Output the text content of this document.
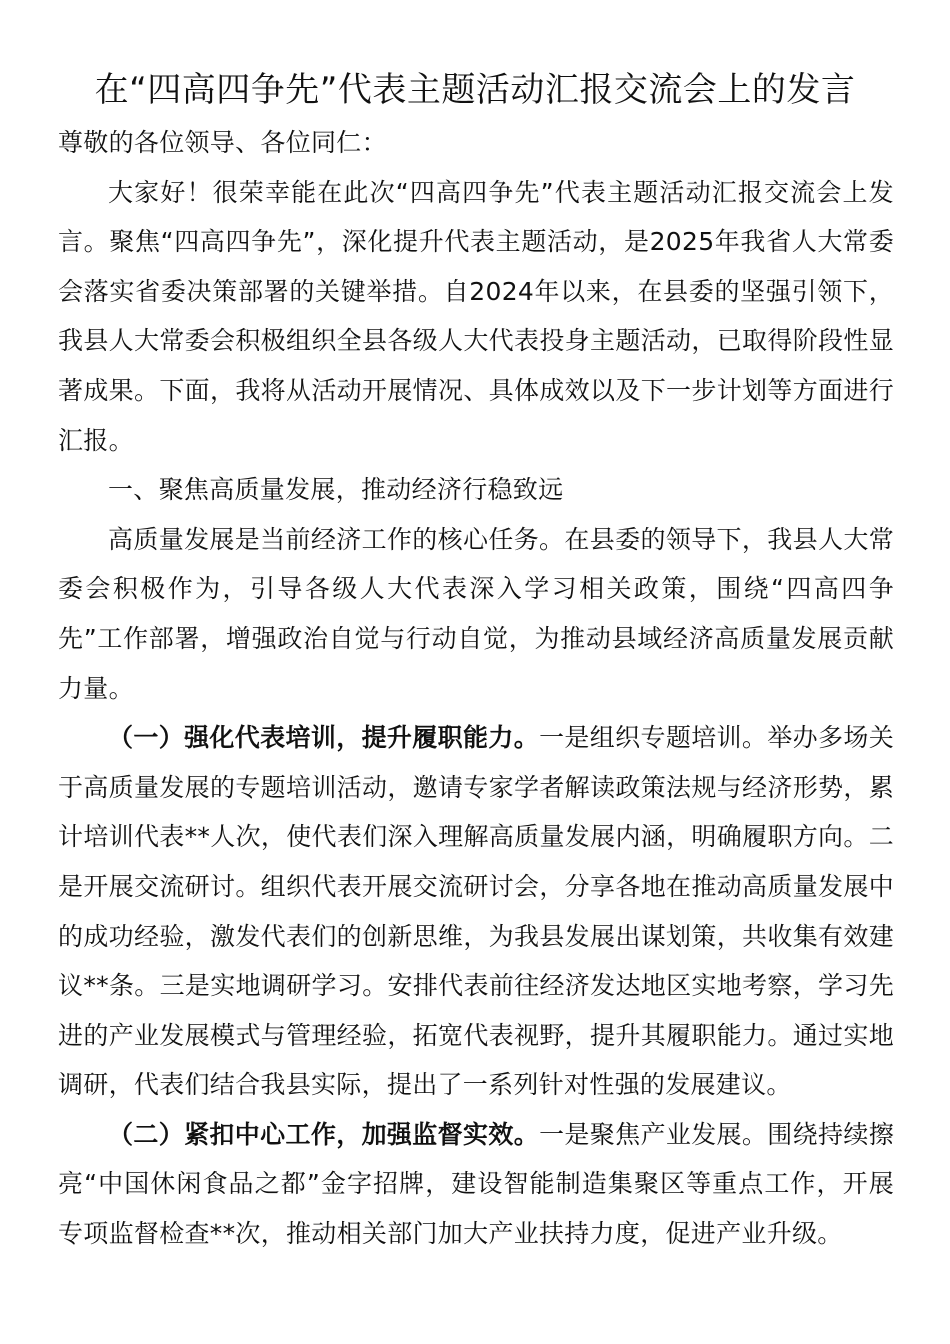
在“四高四争先”代表主题活动汇报交流会上的发言

尊敬的各位领导、各位同仁：

大家好！很荣幸能在此次“四高四争先”代表主题活动汇报交流会上发言。聚焦“四高四争先”，深化提升代表主题活动，是2025年我省人大常委会落实省委决策部署的关键举措。自2024年以来，在县委的坚强引领下，我县人大常委会积极组织全县各级人大代表投身主题活动，已取得阶段性显著成果。下面，我将从活动开展情况、具体成效以及下一步计划等方面进行汇报。

一、聚焦高质量发展，推动经济行稳致远

高质量发展是当前经济工作的核心任务。在县委的领导下，我县人大常委会积极作为，引导各级人大代表深入学习相关政策，围绕“四高四争先”工作部署，增强政治自觉与行动自觉，为推动县域经济高质量发展贡献力量。

（一）强化代表培训，提升履职能力。一是组织专题培训。举办多场关于高质量发展的专题培训活动，邀请专家学者解读政策法规与经济形势，累计培训代表**人次，使代表们深入理解高质量发展内涵，明确履职方向。二是开展交流研讨。组织代表开展交流研讨会，分享各地在推动高质量发展中的成功经验，激发代表们的创新思维，为我县发展出谋划策，共收集有效建议**条。三是实地调研学习。安排代表前往经济发达地区实地考察，学习先进的产业发展模式与管理经验，拓宽代表视野，提升其履职能力。通过实地调研，代表们结合我县实际，提出了一系列针对性强的发展建议。

（二）紧扣中心工作，加强监督实效。一是聚焦产业发展。围绕持续擦亮“中国休闲食品之都”金字招牌，建设智能制造集聚区等重点工作，开展专项监督检查**次，推动相关部门加大产业扶持力度，促进产业升级。
